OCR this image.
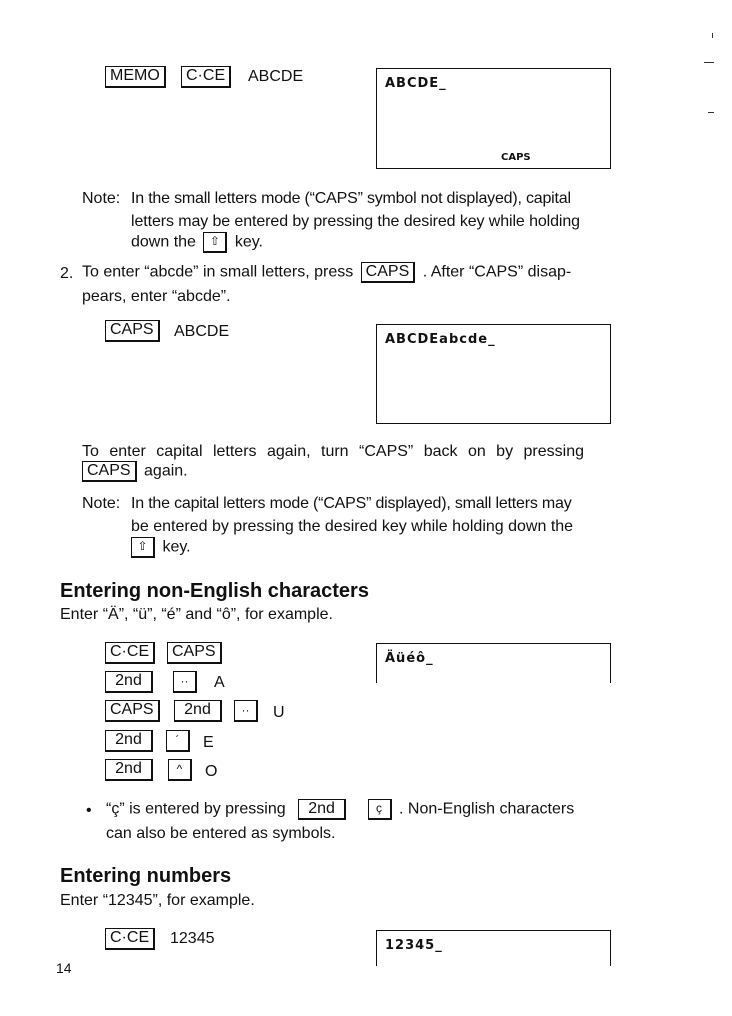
MEMO	C·CE	ABCDE	ABCDE_
CAPS
Note: In the small letters mode (“CAPS” symbol not displayed), capital
letters may be entered by pressing the desired key while holding
down the ⇧ key.
2. To enter “abcde” in small letters, press CAPS . After “CAPS” disap-
pears, enter “abcde”.
CAPS	ABCDE	ABCDEabcde_
To enter capital letters again, turn “CAPS” back on by pressing
CAPS again.
Note: In the capital letters mode (“CAPS” displayed), small letters may
be entered by pressing the desired key while holding down the
⇧ key.
Entering non-English characters
Enter “Ä”, “ü”, “é” and “ô”, for example.
C·CE	CAPS
2nd	··	A
CAPS	2nd	··	U
2nd	´	E
2nd	^	O
Äüéô_
• “ç” is entered by pressing 2nd	ç . Non-English characters
can also be entered as symbols.
Entering numbers
Enter “12345”, for example.
C·CE	12345	12345_
14
